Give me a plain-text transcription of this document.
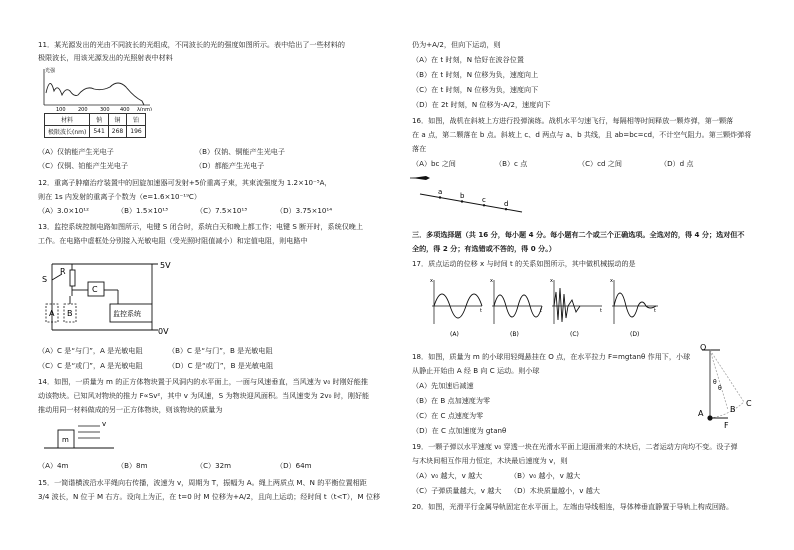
11．某光源发出的光由不同波长的光组成，不同波长的光的强度如图所示。表中给出了一些材料的
极限波长，用该光源发出的光照射表中材料
光强
100 200 300 400 λ(nm)
材料	钠	铜	铂
极限波长(nm)	541	268	196
（A）仅钠能产生光电子	（B）仅钠、铜能产生光电子
（C）仅铜、铂能产生光电子	（D）都能产生光电子
12．重离子肿瘤治疗装置中的回旋加速器可发射+5价重离子束，其束流强度为 1.2×10⁻⁵A，
则在 1s 内发射的重离子个数为（e=1.6×10⁻¹⁹C）
（A）3.0×10¹²	（B）1.5×10¹³	（C）7.5×10¹³	（D）3.75×10¹⁴
13．监控系统控制电路如图所示，电键 S 闭合时，系统白天和晚上都工作；电键 S 断开时，系统仅晚上
工作。在电路中虚框处分别接入光敏电阻（受光照时阻值减小）和定值电阻，则电路中
S
R
C
A B	监控系统
5V
0V
（A）C 是“与门”，A 是光敏电阻	（B）C 是“与门”，B 是光敏电阻
（C）C 是“或门”，A 是光敏电阻	（D）C 是“或门”，B 是光敏电阻
14．如图，一质量为 m 的正方体物块置于风洞内的水平面上，一面与风速垂直，当风速为 v₀ 时刚好能推
动该物块。已知风对物块的推力 F∝Sv²，其中 v 为风速，S 为物块迎风面积。当风速变为 2v₀ 时，刚好能
推动用同一材料做成的另一正方体物块，则该物块的质量为
m
v
（A）4m	（B）8m	（C）32m	（D）64m
15．一简谐横波沿水平绳向右传播，波速为 v，周期为 T，振幅为 A。绳上两质点 M、N 的平衡位置相距
3/4 波长，N 位于 M 右方。设向上为正，在 t=0 时 M 位移为+A/2，且向上运动；经时间 t（t<T），M 位移
仍为+A/2，但向下运动，则
（A）在 t 时刻，N 恰好在波谷位置
（B）在 t 时刻，N 位移为负，速度向上
（C）在 t 时刻，N 位移为负，速度向下
（D）在 2t 时刻，N 位移为-A/2，速度向下
16．如图，战机在斜坡上方进行投弹演练。战机水平匀速飞行，每隔相等时间释放一颗炸弹，第一颗落
在 a 点，第二颗落在 b 点。斜坡上 c、d 两点与 a、b 共线，且 ab=bc=cd，不计空气阻力。第三颗炸弹将
落在
（A）bc 之间	（B）c 点	（C）cd 之间	（D）d 点
a	b	c	d
三．多项选择题（共 16 分，每小题 4 分。每小题有二个或三个正确选项。全选对的，得 4 分；选对但不
全的，得 2 分；有选错或不答的，得 0 分。）
17．质点运动的位移 x 与时间 t 的关系如图所示，其中做机械振动的是
x
t
(A)
x
t
(B)
x
t
(C)
x
t
(D)
18．如图，质量为 m 的小球用轻绳悬挂在 O 点，在水平拉力 F=mgtanθ 作用下，小球
从静止开始由 A 经 B 向 C 运动。则小球
（A）先加速后减速
（B）在 B 点加速度为零
（C）在 C 点速度为零
（D）在 C 点加速度为 gtanθ
O
θ
θ
A	B
C
F
19．一颗子弹以水平速度 v₀ 穿透一块在光滑水平面上迎面滑来的木块后，二者运动方向均不变。设子弹
与木块间相互作用力恒定，木块最后速度为 v，则
（A）v₀ 越大，v 越大	（B）v₀ 越小，v 越大
（C）子弹质量越大，v 越大 （D）木块质量越小，v 越大
20．如图，光滑平行金属导轨固定在水平面上，左端由导线相连，导体棒垂直静置于导轨上构成回路。
